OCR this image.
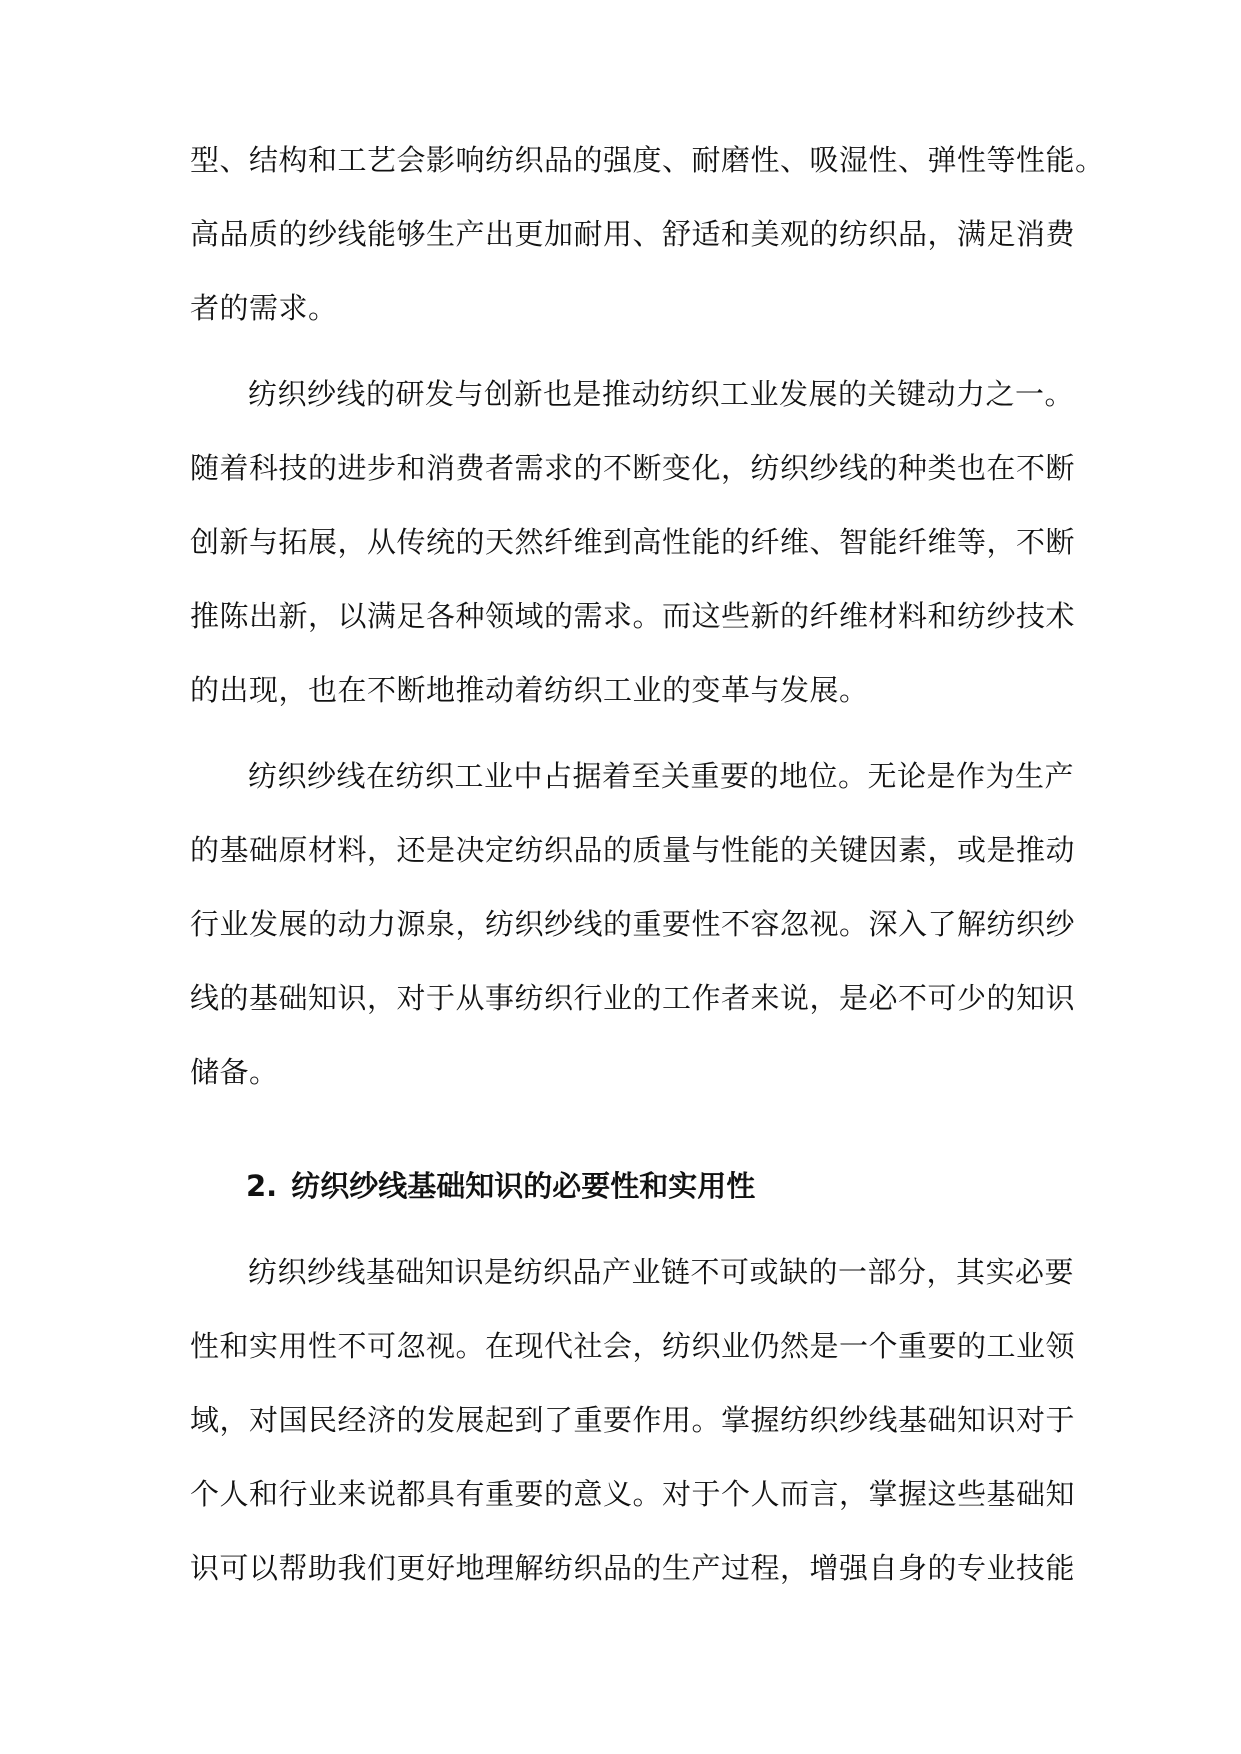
型、结构和工艺会影响纺织品的强度、耐磨性、吸湿性、弹性等性能。
高品质的纱线能够生产出更加耐用、舒适和美观的纺织品，满足消费
者的需求。
纺织纱线的研发与创新也是推动纺织工业发展的关键动力之一。
随着科技的进步和消费者需求的不断变化，纺织纱线的种类也在不断
创新与拓展，从传统的天然纤维到高性能的纤维、智能纤维等，不断
推陈出新，以满足各种领域的需求。而这些新的纤维材料和纺纱技术
的出现，也在不断地推动着纺织工业的变革与发展。
纺织纱线在纺织工业中占据着至关重要的地位。无论是作为生产
的基础原材料，还是决定纺织品的质量与性能的关键因素，或是推动
行业发展的动力源泉，纺织纱线的重要性不容忽视。深入了解纺织纱
线的基础知识，对于从事纺织行业的工作者来说，是必不可少的知识
储备。
2. 纺织纱线基础知识的必要性和实用性
纺织纱线基础知识是纺织品产业链不可或缺的一部分，其实必要
性和实用性不可忽视。在现代社会，纺织业仍然是一个重要的工业领
域，对国民经济的发展起到了重要作用。掌握纺织纱线基础知识对于
个人和行业来说都具有重要的意义。对于个人而言，掌握这些基础知
识可以帮助我们更好地理解纺织品的生产过程，增强自身的专业技能
